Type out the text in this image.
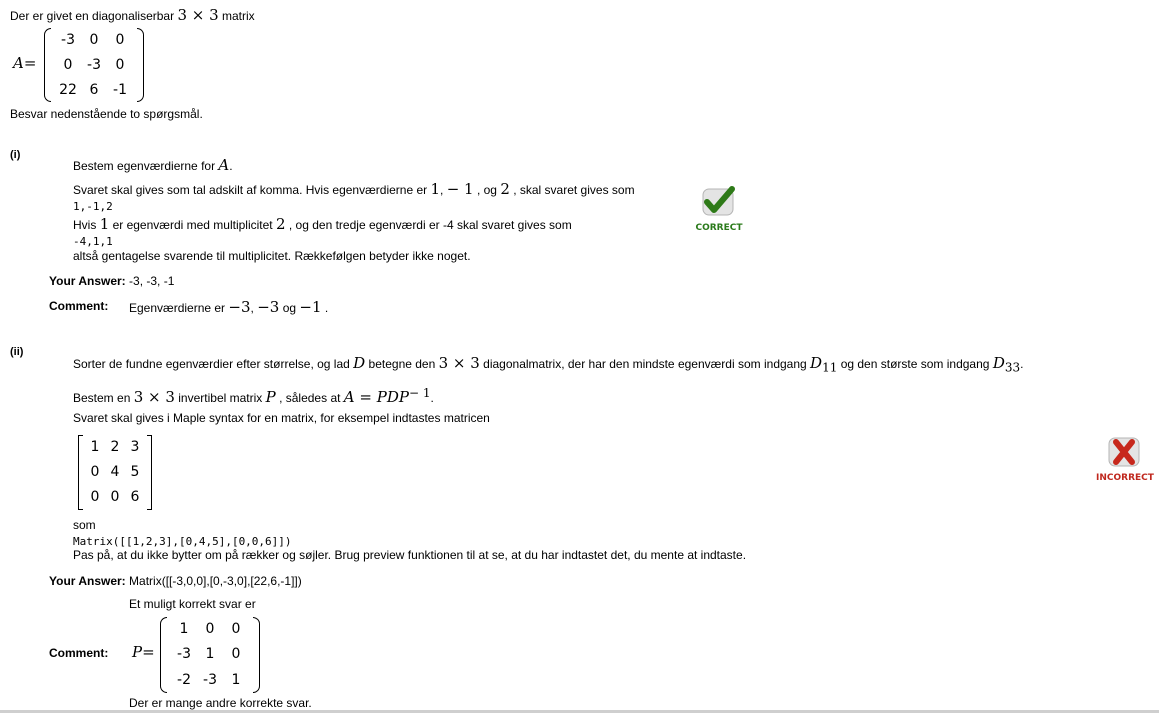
Der er givet en diagonaliserbar 3 × 3 matrix
A=
-3	0	0
0	-3	0
22 6	-1
Besvar nedenstående to spørgsmål.
(i)
Bestem egenværdierne for A.
Svaret skal gives som tal adskilt af komma. Hvis egenværdierne er 1, − 1 , og 2 , skal svaret gives som
1,-1,2
Hvis 1 er egenværdi med multiplicitet 2 , og den tredje egenværdi er -4 skal svaret gives som
-4,1,1
altså gentagelse svarende til multiplicitet. Rækkefølgen betyder ikke noget.
Your Answer: -3, -3, -1
Comment: Egenværdierne er −3, −3 og −1 .
CORRECT
(ii)
Sorter de fundne egenværdier efter størrelse, og lad D betegne den 3 × 3 diagonalmatrix, der har den mindste egenværdi som indgang $D_{11}$ og den største som indgang $D_{33}$.
Bestem en 3 × 3 invertibel matrix P , således at $A = PDP^{- 1}$.
Svaret skal gives i Maple syntax for en matrix, for eksempel indtastes matricen
1 2 3
0 4 5
0 0 6
som
Matrix([[1,2,3],[0,4,5],[0,0,6]])
Pas på, at du ikke bytter om på rækker og søjler. Brug preview funktionen til at se, at du har indtastet det, du mente at indtaste.
Your Answer: Matrix([[-3,0,0],[0,-3,0],[22,6,-1]])
Et muligt korrekt svar er
Comment: P=
1	0	0
-3	1	0
-2 -3	1
Der er mange andre korrekte svar.
INCORRECT
